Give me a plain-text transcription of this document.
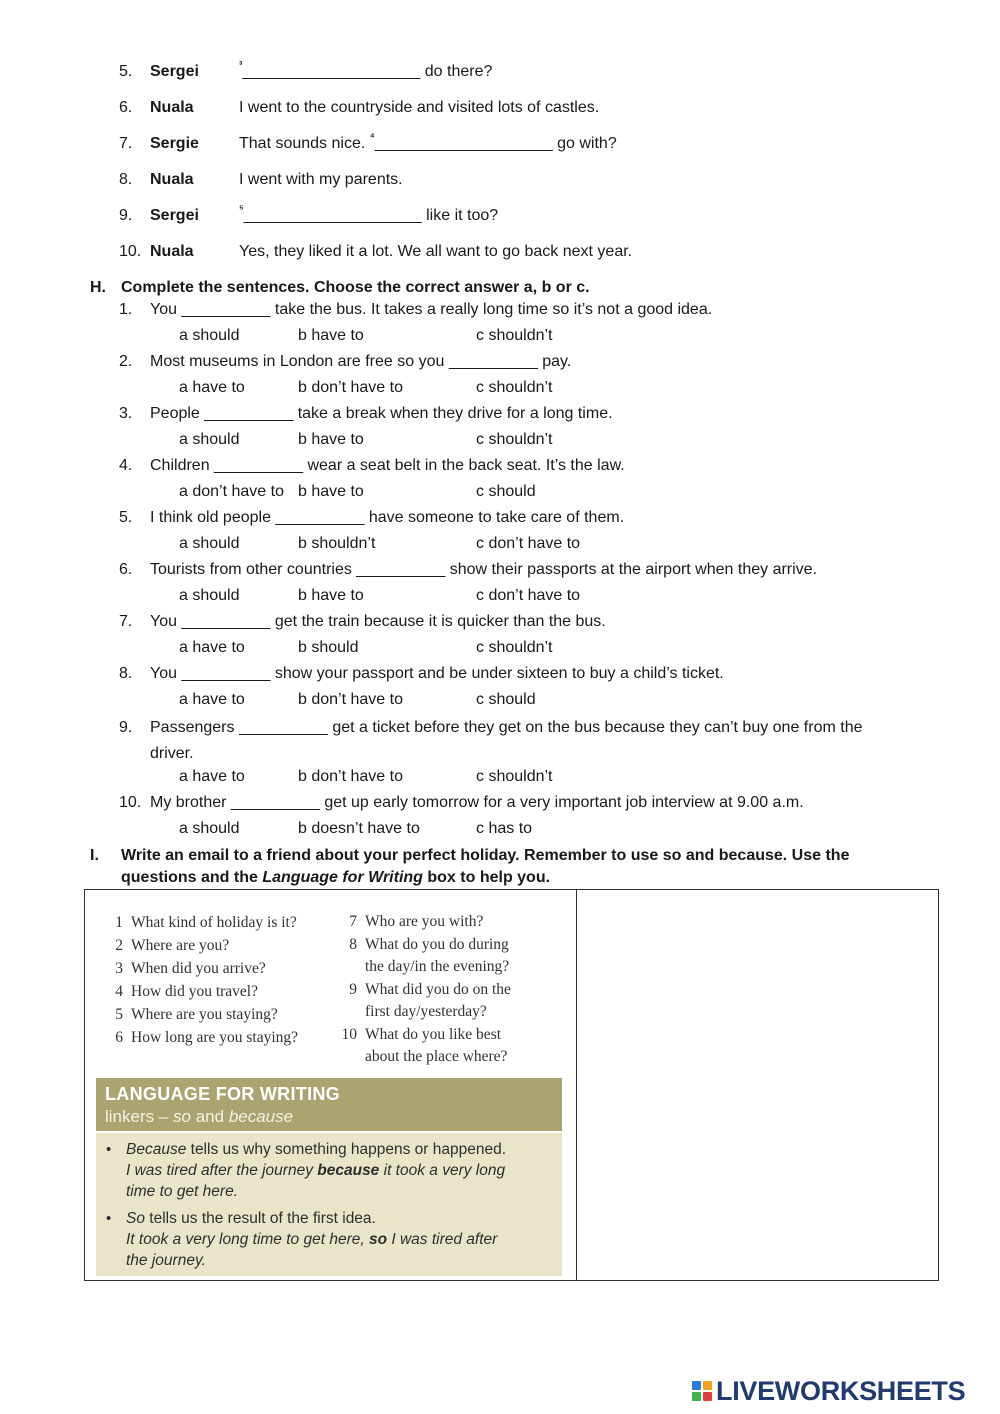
5.	Sergei	$^{^3}$____________________ do there?
6.	Nuala	I went to the countryside and visited lots of castles.
7.	Sergie	That sounds nice. $^{^4}$____________________ go with?
8.	Nuala	I went with my parents.
9.	Sergei	$^{^5}$____________________ like it too?
10. Nuala	Yes, they liked it a lot. We all want to go back next year.
H. Complete the sentences. Choose the correct answer a, b or c.
1. You __________ take the bus. It takes a really long time so it’s not a good idea.
a should	b have to	c shouldn’t
2. Most museums in London are free so you __________ pay.
a have to	b don’t have to	c shouldn’t
3. People __________ take a break when they drive for a long time.
a should	b have to	c shouldn’t
4. Children __________ wear a seat belt in the back seat. It’s the law.
a don’t have to b have to	c should
5. I think old people __________ have someone to take care of them.
a should	b shouldn’t	c don’t have to
6. Tourists from other countries __________ show their passports at the airport when they arrive.
a should	b have to	c don’t have to
7. You __________ get the train because it is quicker than the bus.
a have to	b should	c shouldn’t
8. You __________ show your passport and be under sixteen to buy a child’s ticket.
a have to	b don’t have to	c should
9. Passengers __________ get a ticket before they get on the bus because they can’t buy one from the driver.
a have to	b don’t have to	c shouldn’t
10. My brother __________ get up early tomorrow for a very important job interview at 9.00 a.m.
a should	b doesn’t have to	c has to
I. Write an email to a friend about your perfect holiday. Remember to use so and because. Use the questions and the Language for Writing box to help you.
1 What kind of holiday is it?
2 Where are you?
3 When did you arrive?
4 How did you travel?
5 Where are you staying?
6 How long are you staying?
7 Who are you with?
8 What do you do during
the day/in the evening?
9 What did you do on the
first day/yesterday?
10 What do you like best
about the place where?
LANGUAGE FOR WRITING
linkers – so and because
• Because tells us why something happens or happened.
I was tired after the journey because it took a very long
time to get here.
• So tells us the result of the first idea.
It took a very long time to get here, so I was tired after
the journey.
LIVEWORKSHEETS
